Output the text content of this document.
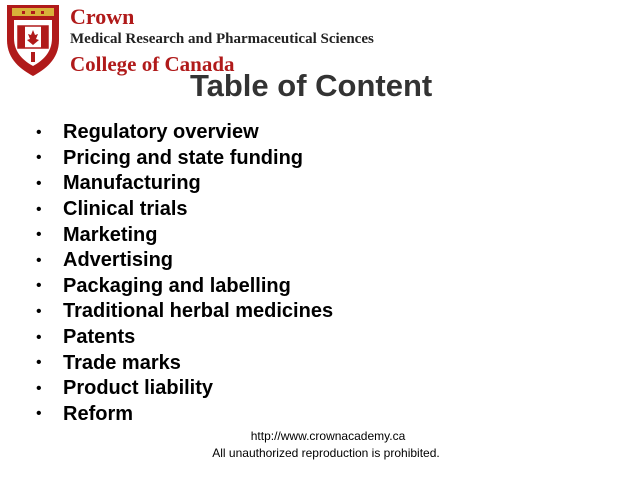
Crown
Medical Research and Pharmaceutical Sciences
College of Canada
Table of Content
•	Regulatory overview
•	Pricing and state funding
•	Manufacturing
•	Clinical trials
•	Marketing
•	Advertising
•	Packaging and labelling
•	Traditional herbal medicines
•	Patents
•	Trade marks
•	Product liability
•	Reform
http://www.crownacademy.ca
All unauthorized reproduction is prohibited.
